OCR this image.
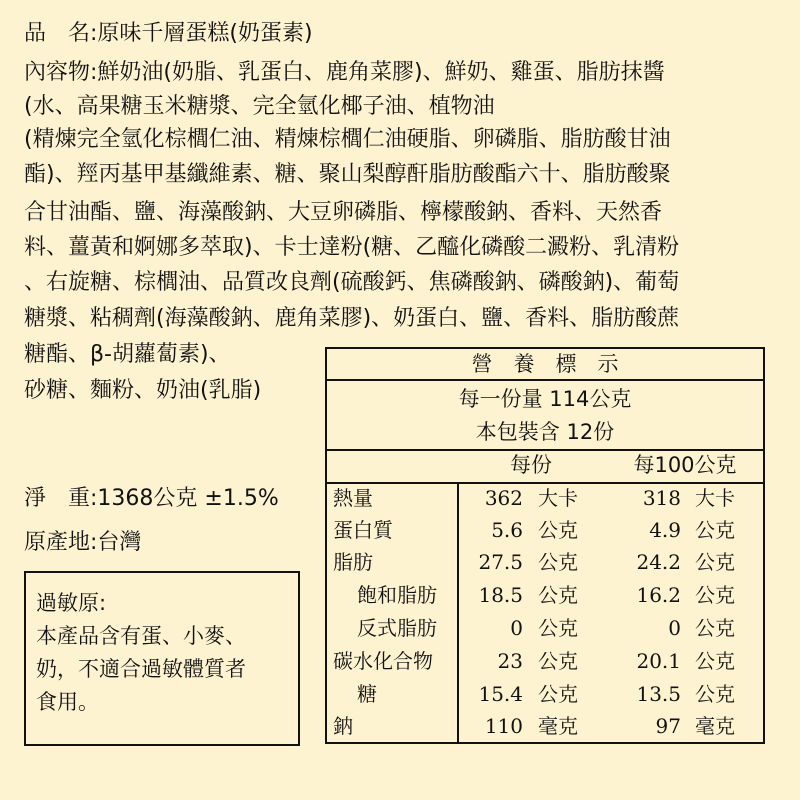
品　名:原味千層蛋糕(奶蛋素)
內容物:鮮奶油(奶脂、乳蛋白、鹿角菜膠)、鮮奶、雞蛋、脂肪抹醬
(水、高果糖玉米糖漿、完全氫化椰子油、植物油
(精煉完全氫化棕櫚仁油、精煉棕櫚仁油硬脂、卵磷脂、脂肪酸甘油
酯)、羥丙基甲基纖維素、糖、聚山梨醇酐脂肪酸酯六十、脂肪酸聚
合甘油酯、鹽、海藻酸鈉、大豆卵磷脂、檸檬酸鈉、香料、天然香
料、薑黃和婀娜多萃取)、卡士達粉(糖、乙醯化磷酸二澱粉、乳清粉
、右旋糖、棕櫚油、品質改良劑(硫酸鈣、焦磷酸鈉、磷酸鈉)、葡萄
糖漿、粘稠劑(海藻酸鈉、鹿角菜膠)、奶蛋白、鹽、香料、脂肪酸蔗
糖酯、β-胡蘿蔔素)、
砂糖、麵粉、奶油(乳脂)
淨　重:1368公克 ±1.5%
原產地:台灣
營　養　標　示
每一份量 114公克
本包裝含 12份
每份	每100公克
熱量	362 大卡	318 大卡
蛋白質	5.6 公克	4.9 公克
脂肪	27.5 公克	24.2 公克
飽和脂肪 18.5 公克	16.2 公克
反式脂肪	0 公克	0 公克
碳水化合物	23 公克	20.1 公克
糖	15.4 公克	13.5 公克
鈉	110 毫克	97 毫克
過敏原:
本產品含有蛋、小麥、
奶，不適合過敏體質者
食用。
